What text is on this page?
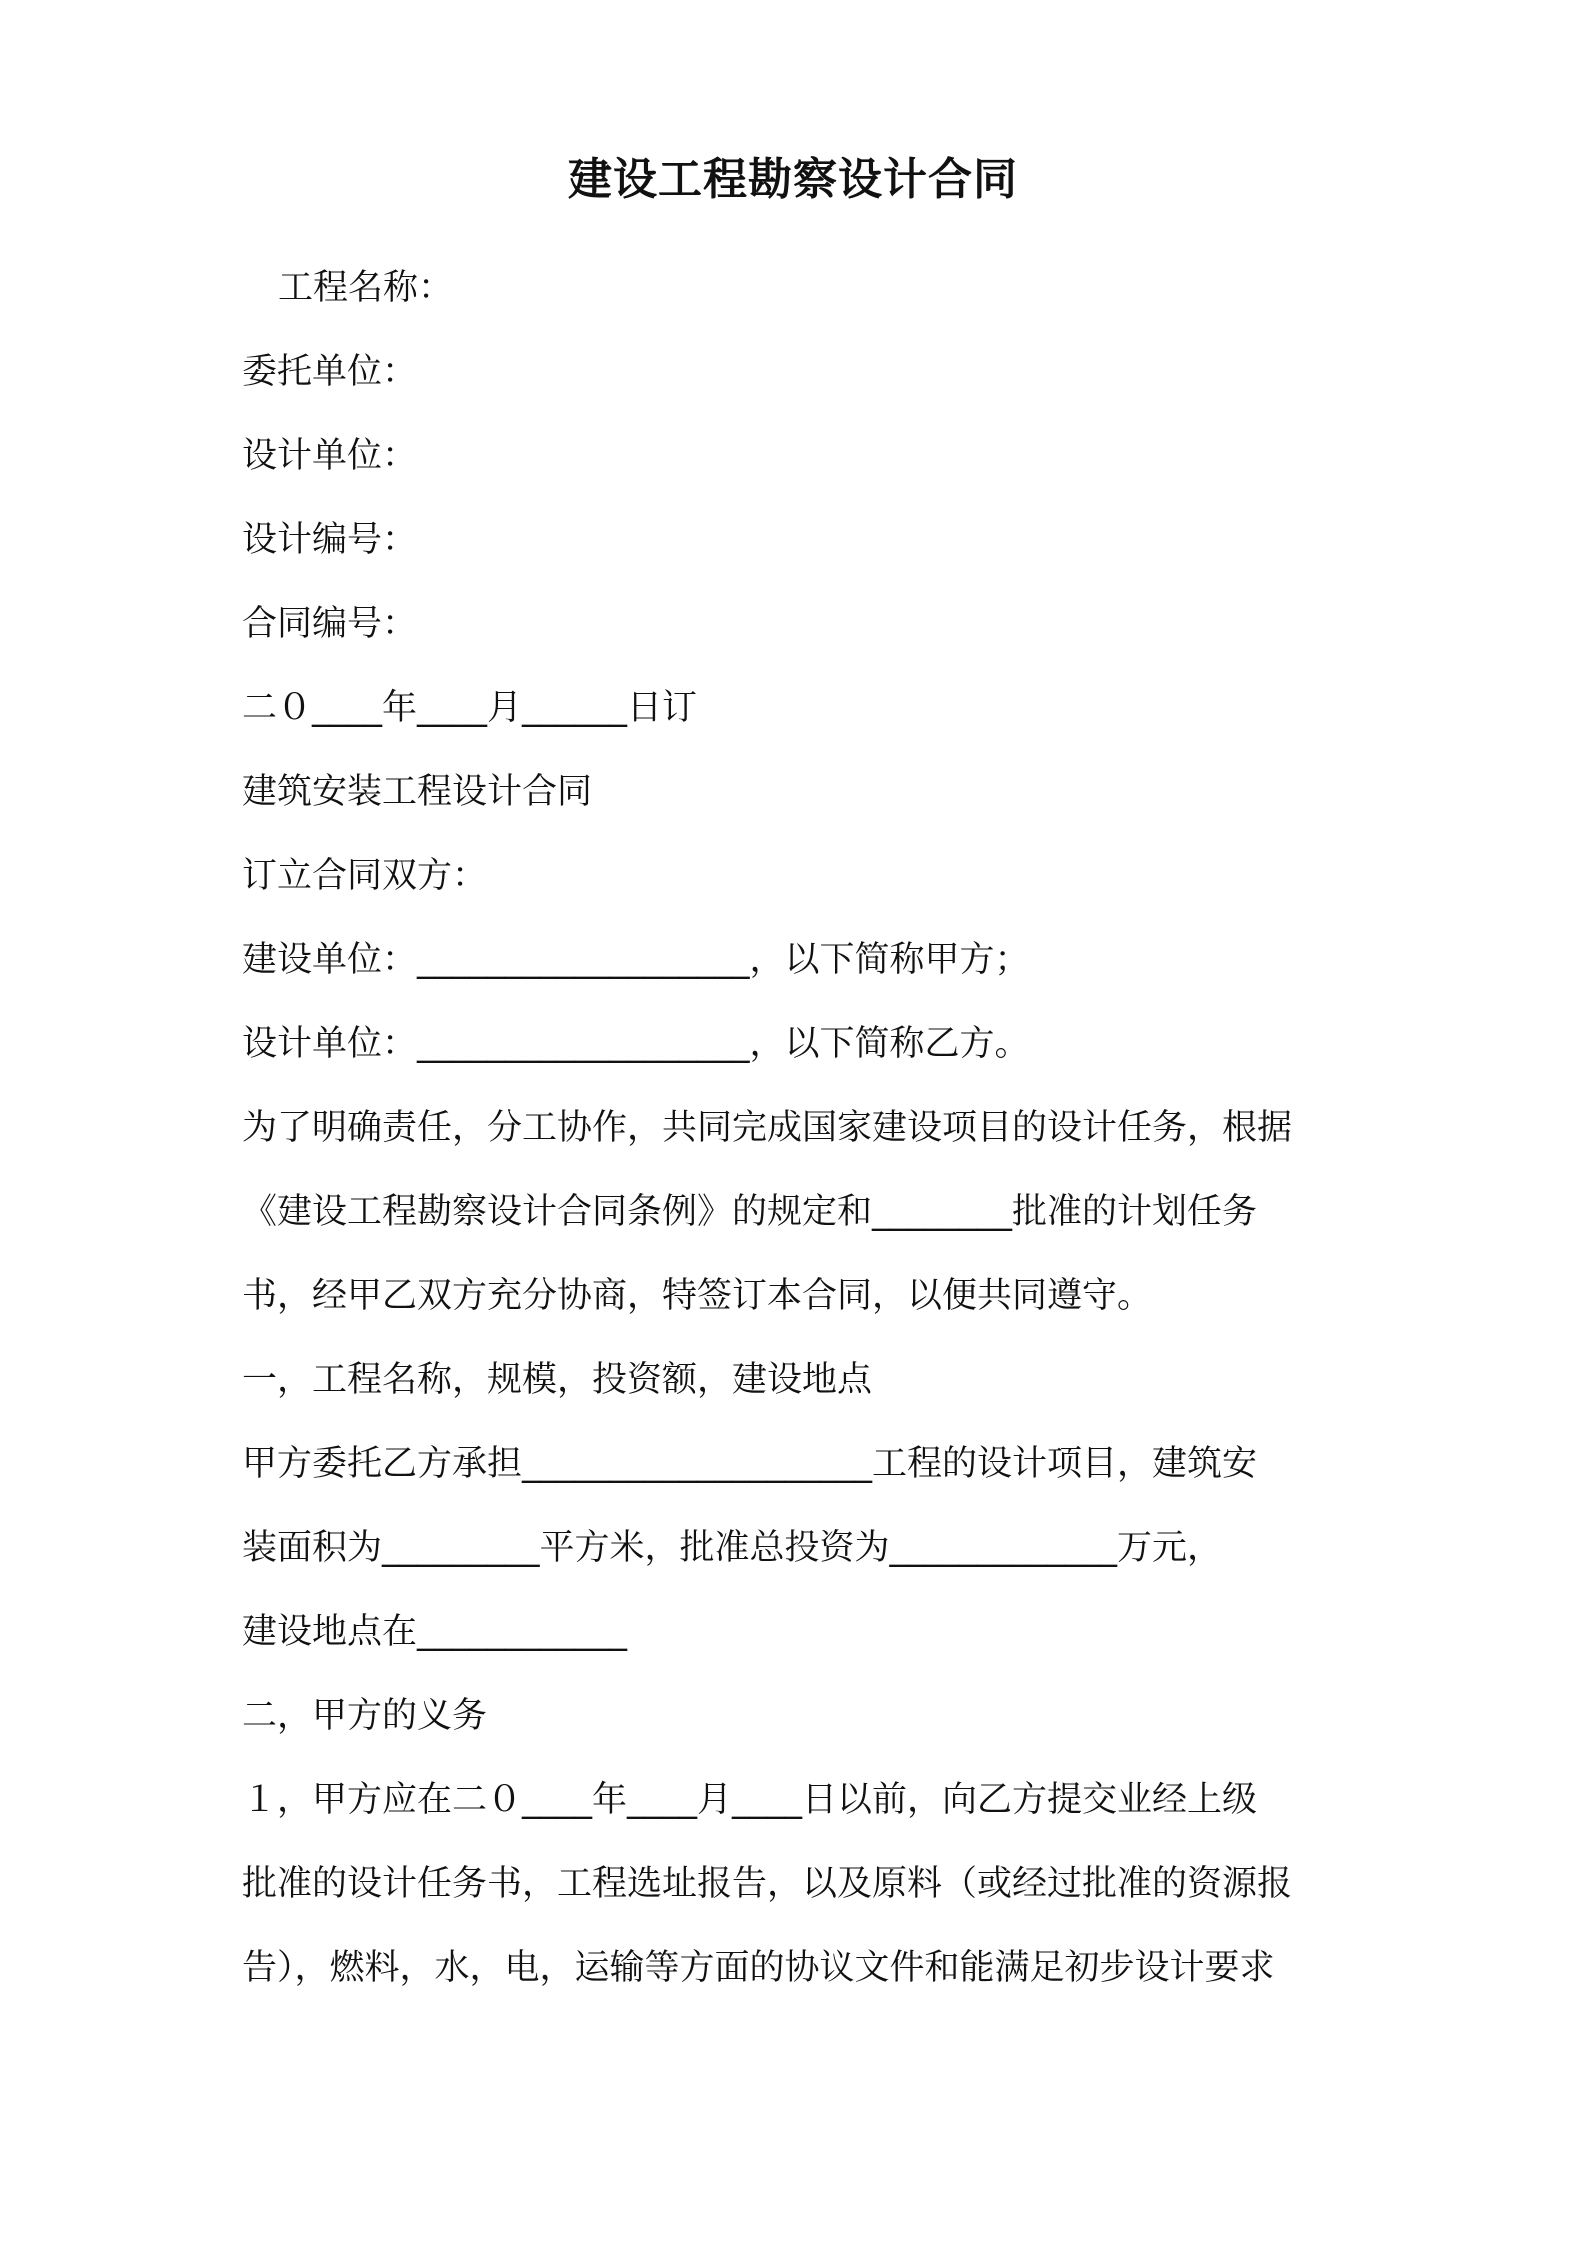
建设工程勘察设计合同

工程名称：

委托单位：

设计单位：

设计编号：

合同编号：

二０____年____月______日订

建筑安装工程设计合同

订立合同双方：

建设单位：___________________，以下简称甲方；

设计单位：___________________，以下简称乙方。

为了明确责任，分工协作，共同完成国家建设项目的设计任务，根据

《建设工程勘察设计合同条例》的规定和________批准的计划任务

书，经甲乙双方充分协商，特签订本合同，以便共同遵守。

一，工程名称，规模，投资额，建设地点

甲方委托乙方承担____________________工程的设计项目，建筑安

装面积为_________平方米，批准总投资为_____________万元，

建设地点在____________

二，甲方的义务

１，甲方应在二０____年____月____日以前，向乙方提交业经上级

批准的设计任务书，工程选址报告，以及原料（或经过批准的资源报

告），燃料，水，电，运输等方面的协议文件和能满足初步设计要求
